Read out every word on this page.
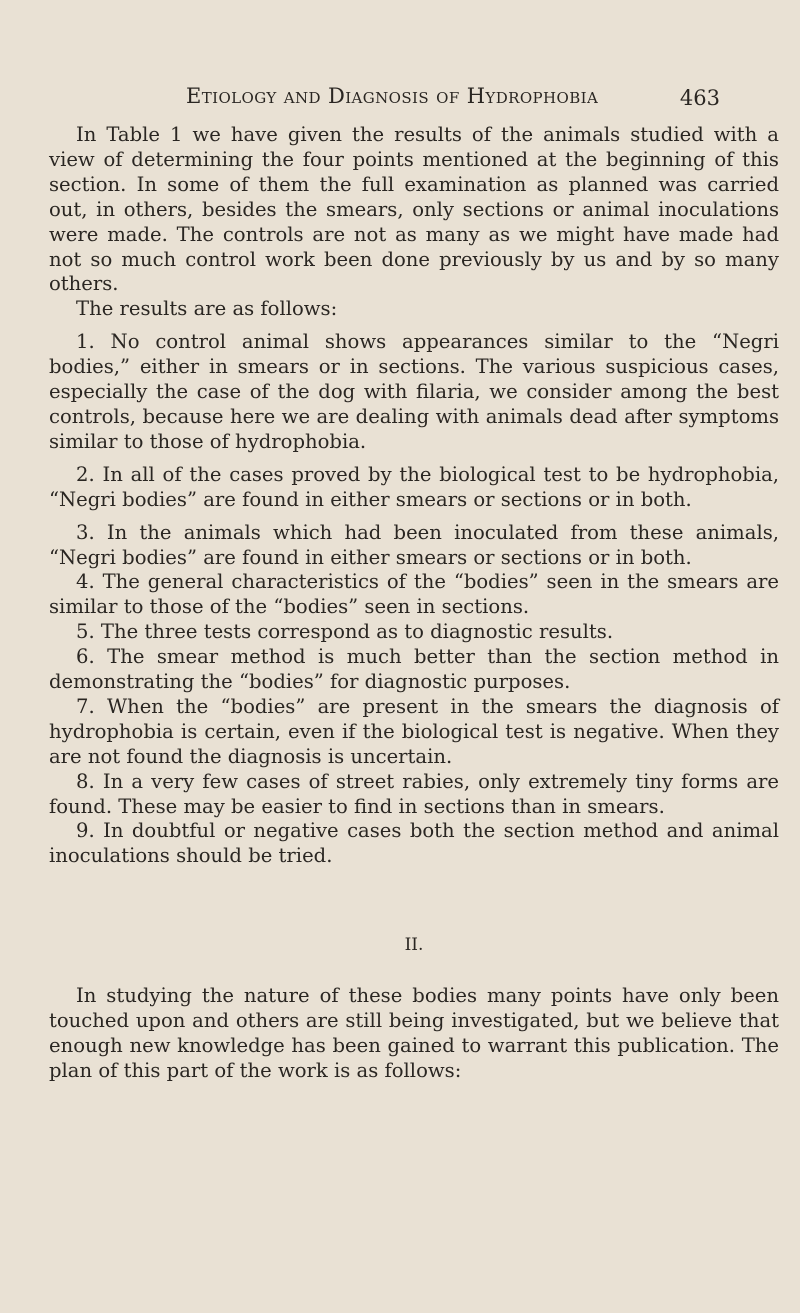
Etiology and Diagnosis of Hydrophobia	463

In Table 1 we have given the results of the animals studied with a view of determining the four points mentioned at the beginning of this section. In some of them the full examination as planned was carried out, in others, besides the smears, only sections or animal inoculations were made. The controls are not as many as we might have made had not so much control work been done previously by us and by so many others.

The results are as follows:

1. No control animal shows appearances similar to the “Negri bodies,” either in smears or in sections. The various suspicious cases, especially the case of the dog with filaria, we consider among the best controls, because here we are dealing with animals dead after symptoms similar to those of hydrophobia.

2. In all of the cases proved by the biological test to be hydrophobia, “Negri bodies” are found in either smears or sections or in both.

3. In the animals which had been inoculated from these animals, “Negri bodies” are found in either smears or sections or in both.

4. The general characteristics of the “bodies” seen in the smears are similar to those of the “bodies” seen in sections.

5. The three tests correspond as to diagnostic results.

6. The smear method is much better than the section method in demonstrating the “bodies” for diagnostic purposes.

7. When the “bodies” are present in the smears the diagnosis of hydrophobia is certain, even if the biological test is negative. When they are not found the diagnosis is uncertain.

8. In a very few cases of street rabies, only extremely tiny forms are found. These may be easier to find in sections than in smears.

9. In doubtful or negative cases both the section method and animal inoculations should be tried.

II.

In studying the nature of these bodies many points have only been touched upon and others are still being investigated, but we believe that enough new knowledge has been gained to warrant this publication. The plan of this part of the work is as follows:
